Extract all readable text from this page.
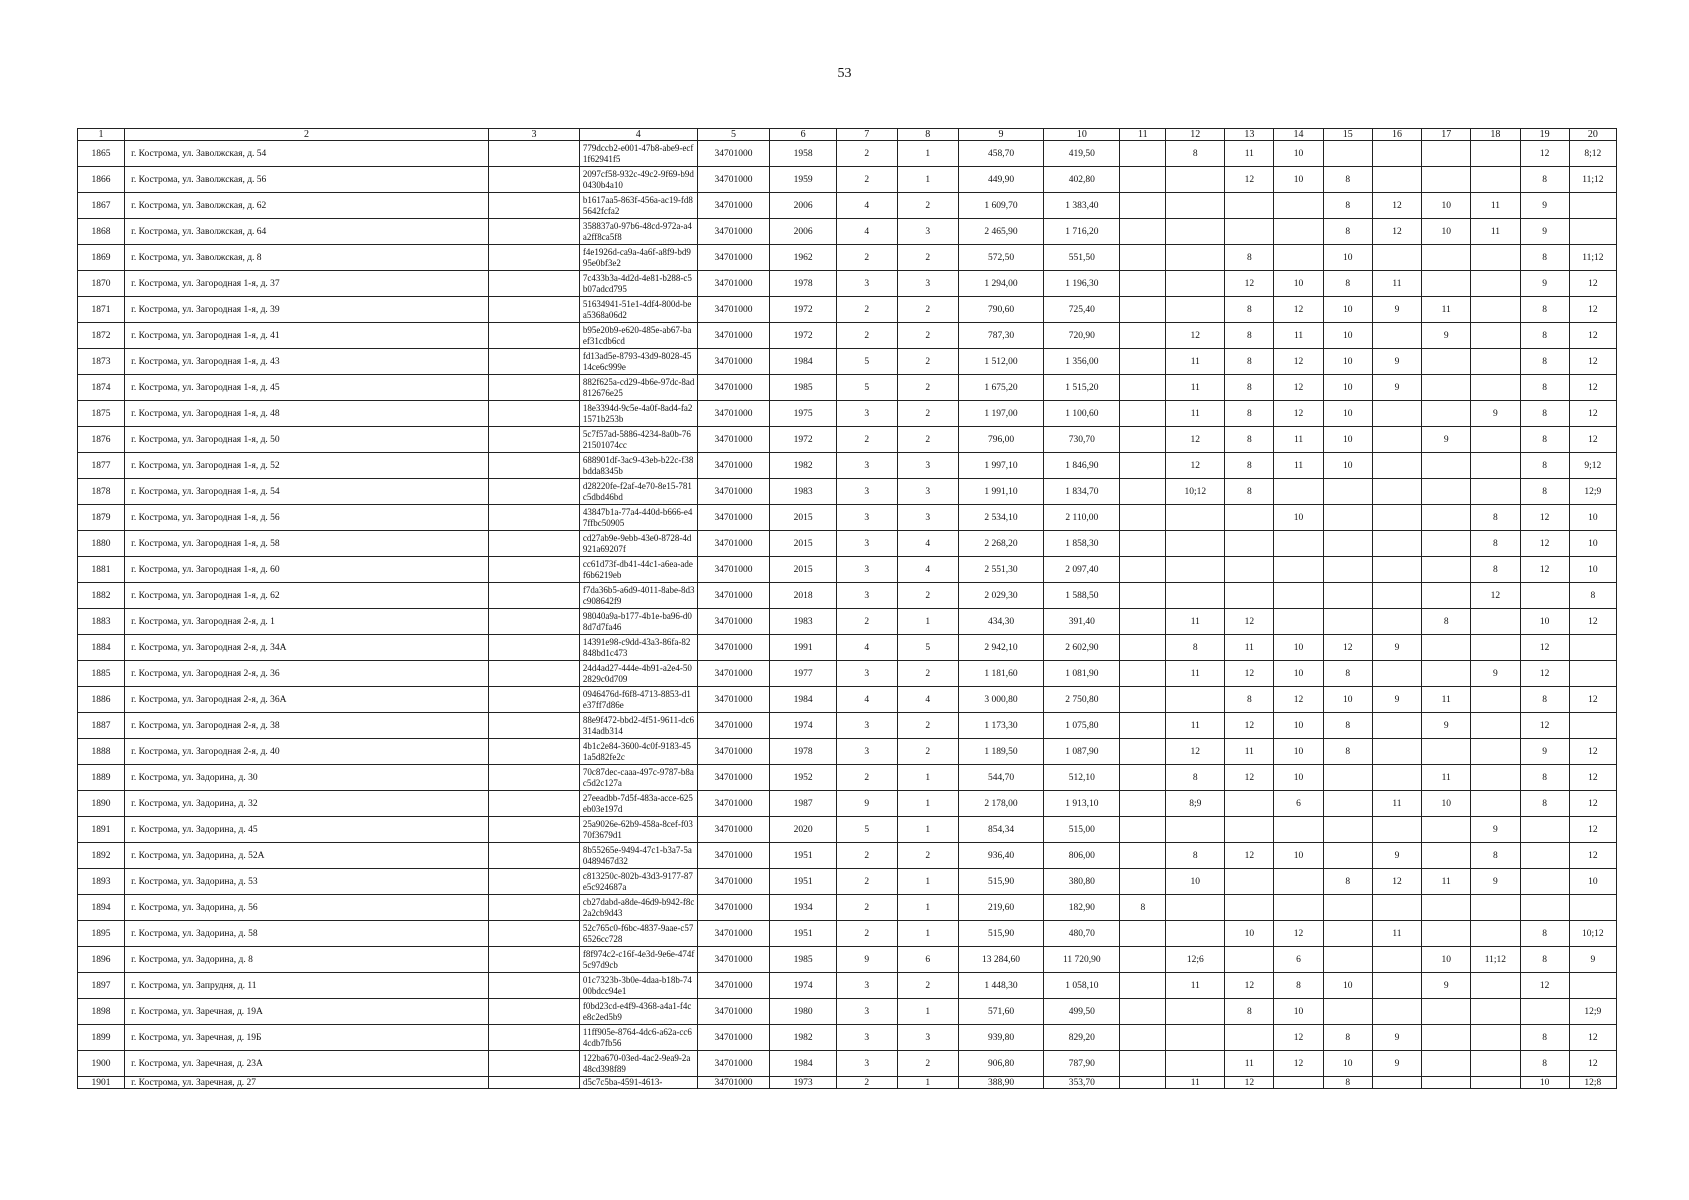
53
1	2	3	4	5	6	7	8	9	10	11	12	13	14	15	16	17	18	19	20
1865	г. Кострома, ул. Заволжская, д. 54		779dccb2-e001-47b8-abe9-ecf1f62941f5	34701000	1958	2	1	458,70	419,50		8	11	10					12	8;12
1866	г. Кострома, ул. Заволжская, д. 56		2097cf58-932c-49c2-9f69-b9d0430b4a10	34701000	1959	2	1	449,90	402,80			12	10	8				8	11;12
1867	г. Кострома, ул. Заволжская, д. 62		b1617aa5-863f-456a-ac19-fd85642fcfa2	34701000	2006	4	2	1 609,70	1 383,40					8	12	10	11	9	
1868	г. Кострома, ул. Заволжская, д. 64		358837a0-97b6-48cd-972a-a4a2ff8ca5f8	34701000	2006	4	3	2 465,90	1 716,20					8	12	10	11	9	
1869	г. Кострома, ул. Заволжская, д. 8		f4e1926d-ca9a-4a6f-a8f9-bd995e0bf3e2	34701000	1962	2	2	572,50	551,50			8		10				8	11;12
1870	г. Кострома, ул. Загородная 1-я, д. 37		7c433b3a-4d2d-4e81-b288-c5b07adcd795	34701000	1978	3	3	1 294,00	1 196,30			12	10	8	11			9	12
1871	г. Кострома, ул. Загородная 1-я, д. 39		51634941-51e1-4df4-800d-bea5368a06d2	34701000	1972	2	2	790,60	725,40			8	12	10	9	11		8	12
1872	г. Кострома, ул. Загородная 1-я, д. 41		b95e20b9-e620-485e-ab67-baef31cdb6cd	34701000	1972	2	2	787,30	720,90		12	8	11	10		9		8	12
1873	г. Кострома, ул. Загородная 1-я, д. 43		fd13ad5e-8793-43d9-8028-4514ce6c999e	34701000	1984	5	2	1 512,00	1 356,00		11	8	12	10	9			8	12
1874	г. Кострома, ул. Загородная 1-я, д. 45		882f625a-cd29-4b6e-97dc-8ad812676e25	34701000	1985	5	2	1 675,20	1 515,20		11	8	12	10	9			8	12
1875	г. Кострома, ул. Загородная 1-я, д. 48		18e3394d-9c5e-4a0f-8ad4-fa21571b253b	34701000	1975	3	2	1 197,00	1 100,60		11	8	12	10			9	8	12
1876	г. Кострома, ул. Загородная 1-я, д. 50		5c7f57ad-5886-4234-8a0b-7621501074cc	34701000	1972	2	2	796,00	730,70		12	8	11	10		9		8	12
1877	г. Кострома, ул. Загородная 1-я, д. 52		688901df-3ac9-43eb-b22c-f38bdda8345b	34701000	1982	3	3	1 997,10	1 846,90		12	8	11	10				8	9;12
1878	г. Кострома, ул. Загородная 1-я, д. 54		d28220fe-f2af-4e70-8e15-781c5dbd46bd	34701000	1983	3	3	1 991,10	1 834,70		10;12	8						8	12;9
1879	г. Кострома, ул. Загородная 1-я, д. 56		43847b1a-77a4-440d-b666-e47ffbc50905	34701000	2015	3	3	2 534,10	2 110,00				10				8	12	10
1880	г. Кострома, ул. Загородная 1-я, д. 58		cd27ab9e-9ebb-43e0-8728-4d921a69207f	34701000	2015	3	4	2 268,20	1 858,30								8	12	10
1881	г. Кострома, ул. Загородная 1-я, д. 60		cc61d73f-db41-44c1-a6ea-adef6b6219eb	34701000	2015	3	4	2 551,30	2 097,40								8	12	10
1882	г. Кострома, ул. Загородная 1-я, д. 62		f7da36b5-a6d9-4011-8abe-8d3c908642f9	34701000	2018	3	2	2 029,30	1 588,50								12		8
1883	г. Кострома, ул. Загородная 2-я, д. 1		98040a9a-b177-4b1e-ba96-d08d7d7fa46	34701000	1983	2	1	434,30	391,40		11	12				8		10	12
1884	г. Кострома, ул. Загородная 2-я, д. 34А		14391e98-c9dd-43a3-86fa-82848bd1c473	34701000	1991	4	5	2 942,10	2 602,90		8	11	10	12	9			12	
1885	г. Кострома, ул. Загородная 2-я, д. 36		24d4ad27-444e-4b91-a2e4-502829c0d709	34701000	1977	3	2	1 181,60	1 081,90		11	12	10	8			9	12	
1886	г. Кострома, ул. Загородная 2-я, д. 36А		0946476d-f6f8-4713-8853-d1e37ff7d86e	34701000	1984	4	4	3 000,80	2 750,80			8	12	10	9	11		8	12
1887	г. Кострома, ул. Загородная 2-я, д. 38		88e9f472-bbd2-4f51-9611-dc6314adb314	34701000	1974	3	2	1 173,30	1 075,80		11	12	10	8		9		12	
1888	г. Кострома, ул. Загородная 2-я, д. 40		4b1c2e84-3600-4c0f-9183-451a5d82fe2c	34701000	1978	3	2	1 189,50	1 087,90		12	11	10	8				9	12
1889	г. Кострома, ул. Задорина, д. 30		70c87dec-caaa-497c-9787-b8ac5d2c127a	34701000	1952	2	1	544,70	512,10		8	12	10			11		8	12
1890	г. Кострома, ул. Задорина, д. 32		27eeadbb-7d5f-483a-acce-625eb03e197d	34701000	1987	9	1	2 178,00	1 913,10		8;9		6		11	10		8	12
1891	г. Кострома, ул. Задорина, д. 45		25a9026e-62b9-458a-8cef-f0370f3679d1	34701000	2020	5	1	854,34	515,00								9		12
1892	г. Кострома, ул. Задорина, д. 52А		8b55265e-9494-47c1-b3a7-5a0489467d32	34701000	1951	2	2	936,40	806,00		8	12	10		9		8		12
1893	г. Кострома, ул. Задорина, д. 53		c813250c-802b-43d3-9177-87e5c924687a	34701000	1951	2	1	515,90	380,80		10			8	12	11	9		10
1894	г. Кострома, ул. Задорина, д. 56		cb27dabd-a8de-46d9-b942-f8c2a2cb9d43	34701000	1934	2	1	219,60	182,90	8									
1895	г. Кострома, ул. Задорина, д. 58		52c765c0-f6bc-4837-9aae-c576526cc728	34701000	1951	2	1	515,90	480,70			10	12		11			8	10;12
1896	г. Кострома, ул. Задорина, д. 8		f8f974c2-c16f-4e3d-9e6e-474f5c97d9cb	34701000	1985	9	6	13 284,60	11 720,90		12;6		6			10	11;12	8	9
1897	г. Кострома, ул. Запрудня, д. 11		01c7323b-3b0e-4daa-b18b-7400bdcc94e1	34701000	1974	3	2	1 448,30	1 058,10		11	12	8	10		9		12	
1898	г. Кострома, ул. Заречная, д. 19А		f0bd23cd-e4f9-4368-a4a1-f4ce8c2ed5b9	34701000	1980	3	1	571,60	499,50			8	10						12;9
1899	г. Кострома, ул. Заречная, д. 19Б		11ff905e-8764-4dc6-a62a-cc64cdb7fb56	34701000	1982	3	3	939,80	829,20				12	8	9			8	12
1900	г. Кострома, ул. Заречная, д. 23А		122ba670-03ed-4ac2-9ea9-2a48cd398f89	34701000	1984	3	2	906,80	787,90			11	12	10	9			8	12
1901	г. Кострома, ул. Заречная, д. 27		d5c7c5ba-4591-4613-	34701000	1973	2	1	388,90	353,70		11	12		8				10	12;8
